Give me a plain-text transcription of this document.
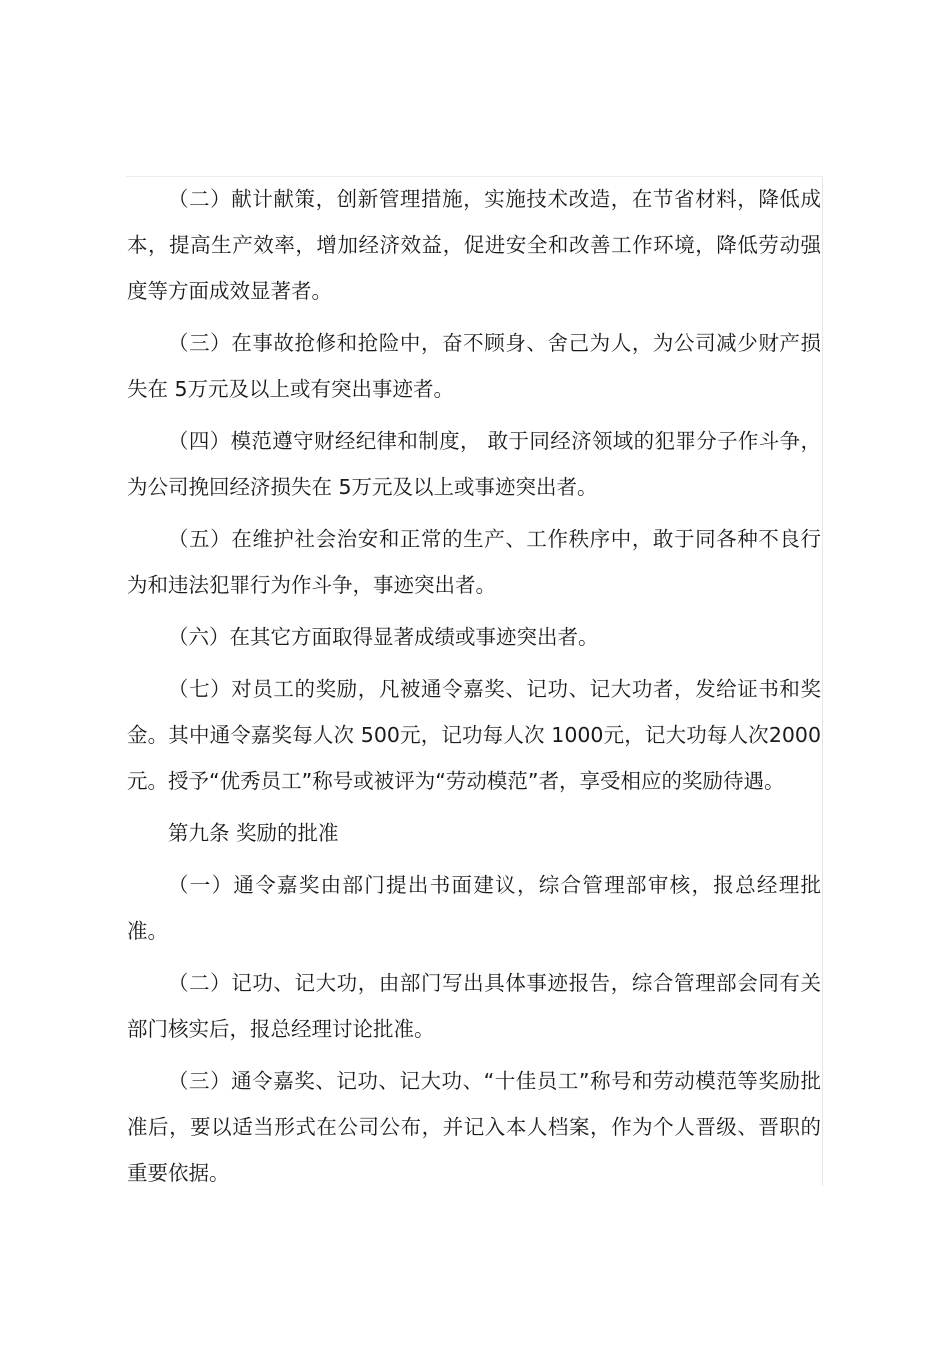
（二）献计献策，创新管理措施，实施技术改造，在节省材料，降低成本，提高生产效率，增加经济效益，促进安全和改善工作环境，降低劳动强度等方面成效显著者。

（三）在事故抢修和抢险中，奋不顾身、舍己为人，为公司减少财产损失在 5万元及以上或有突出事迹者。

（四）模范遵守财经纪律和制度， 敢于同经济领域的犯罪分子作斗争，为公司挽回经济损失在 5万元及以上或事迹突出者。

（五）在维护社会治安和正常的生产、工作秩序中，敢于同各种不良行为和违法犯罪行为作斗争，事迹突出者。

（六）在其它方面取得显著成绩或事迹突出者。

（七）对员工的奖励，凡被通令嘉奖、记功、记大功者，发给证书和奖金。其中通令嘉奖每人次 500元，记功每人次 1000元，记大功每人次2000元。授予“优秀员工”称号或被评为“劳动模范”者，享受相应的奖励待遇。

第九条 奖励的批准

（一）通令嘉奖由部门提出书面建议，综合管理部审核，报总经理批准。

（二）记功、记大功，由部门写出具体事迹报告，综合管理部会同有关部门核实后，报总经理讨论批准。

（三）通令嘉奖、记功、记大功、“十佳员工”称号和劳动模范等奖励批准后，要以适当形式在公司公布，并记入本人档案，作为个人晋级、晋职的重要依据。
